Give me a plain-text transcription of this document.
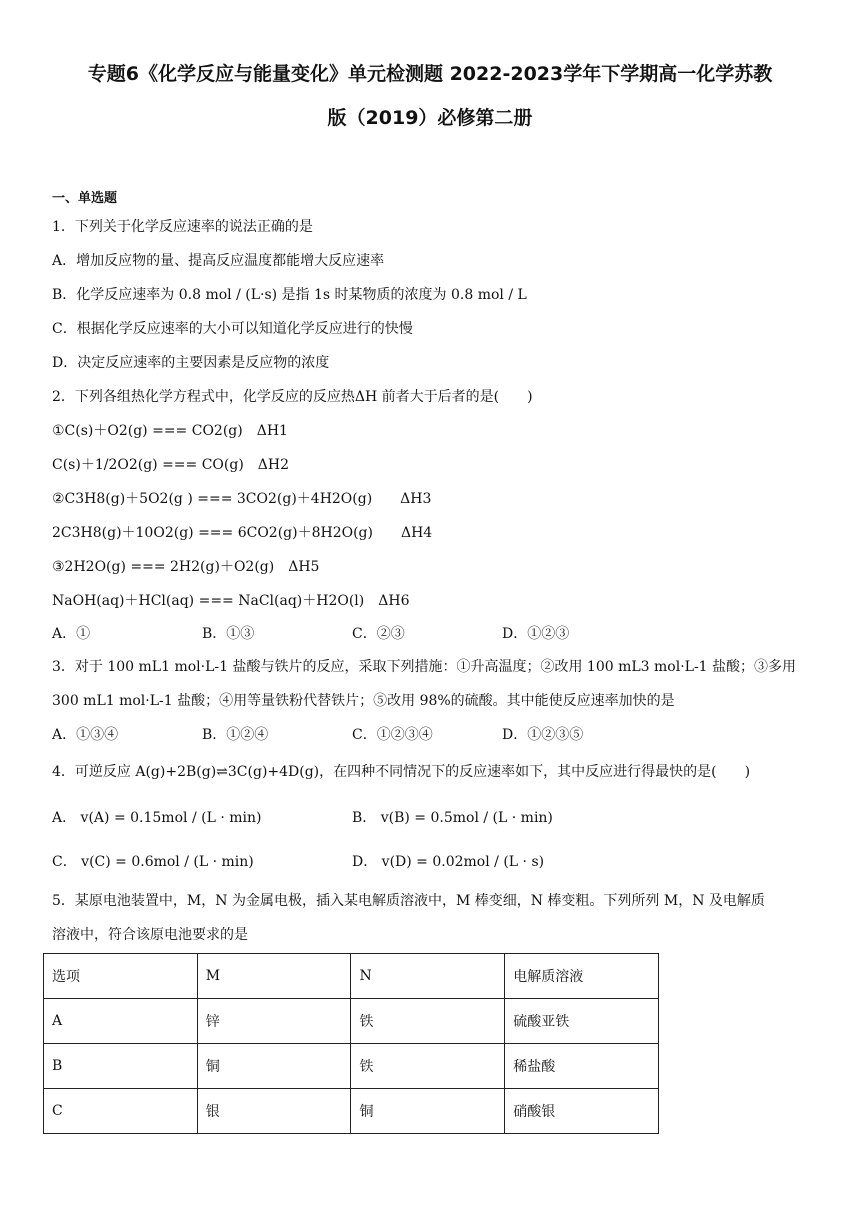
专题6《化学反应与能量变化》单元检测题 2022-2023学年下学期高一化学苏教
版（2019）必修第二册
一、单选题
1．下列关于化学反应速率的说法正确的是
A．增加反应物的量、提高反应温度都能增大反应速率
B．化学反应速率为 0.8 mol / (L·s) 是指 1s 时某物质的浓度为 0.8 mol / L
C．根据化学反应速率的大小可以知道化学反应进行的快慢
D．决定反应速率的主要因素是反应物的浓度
2．下列各组热化学方程式中，化学反应的反应热ΔH 前者大于后者的是(　　)
①C(s)＋O2(g) === CO2(g)　ΔH1
C(s)＋1/2O2(g) === CO(g)　ΔH2
②C3H8(g)＋5O2(g ) === 3CO2(g)＋4H2O(g)　　ΔH3
2C3H8(g)＋10O2(g) === 6CO2(g)＋8H2O(g)　　ΔH4
③2H2O(g) === 2H2(g)＋O2(g)　ΔH5
NaOH(aq)＋HCl(aq) === NaCl(aq)＋H2O(l)　ΔH6
A．①	B．①③	C．②③	D．①②③
3．对于 100 mL1 mol·L-1 盐酸与铁片的反应，采取下列措施：①升高温度；②改用 100 mL3 mol·L-1 盐酸；③多用
300 mL1 mol·L-1 盐酸；④用等量铁粉代替铁片；⑤改用 98%的硫酸。其中能使反应速率加快的是
A．①③④	B．①②④	C．①②③④	D．①②③⑤
4．可逆反应 A(g)+2B(g)⇌3C(g)+4D(g)，在四种不同情况下的反应速率如下，其中反应进行得最快的是(　　)
A． v(A) = 0.15mol / (L · min)	B． v(B) = 0.5mol / (L · min)
C． v(C) = 0.6mol / (L · min)	D． v(D) = 0.02mol / (L · s)
5．某原电池装置中，M，N 为金属电极，插入某电解质溶液中，M 棒变细，N 棒变粗。下列所列 M，N 及电解质
溶液中，符合该原电池要求的是
选项	M	N	电解质溶液
A	锌	铁	硫酸亚铁
B	铜	铁	稀盐酸
C	银	铜	硝酸银
